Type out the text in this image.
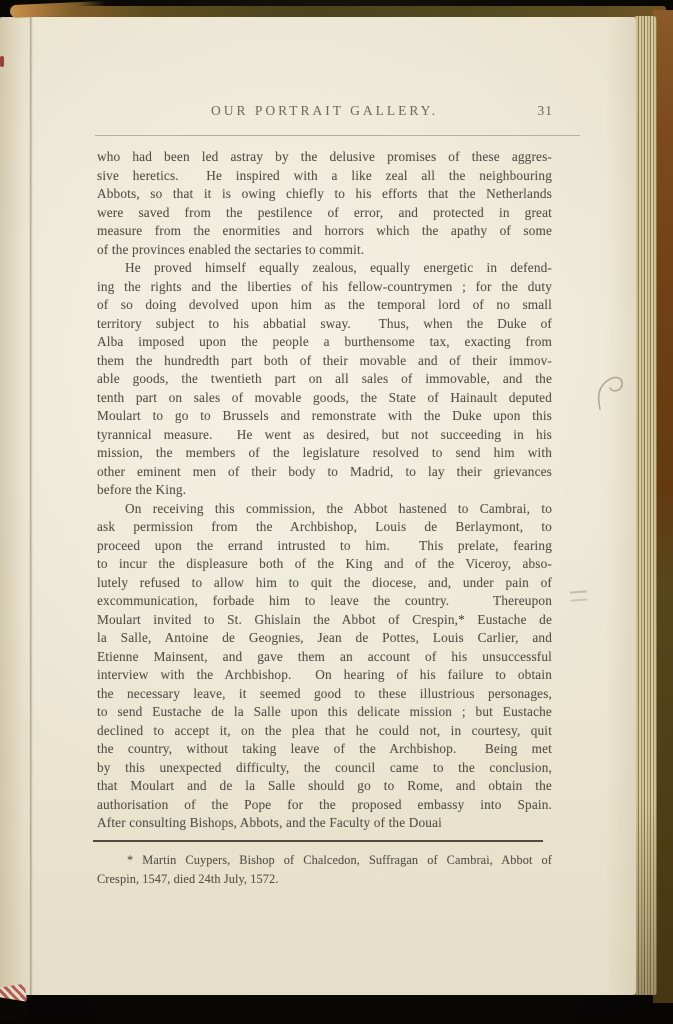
OUR PORTRAIT GALLERY.	31
who had been led astray by the delusive promises of these aggres-
sive heretics.  He inspired with a like zeal all the neighbouring
Abbots, so that it is owing chiefly to his efforts that the Netherlands
were saved from the pestilence of error, and protected in great
measure from the enormities and horrors which the apathy of some
of the provinces enabled the sectaries to commit.
He proved himself equally zealous, equally energetic in defend-
ing the rights and the liberties of his fellow-countrymen ; for the duty
of so doing devolved upon him as the temporal lord of no small
territory subject to his abbatial sway.  Thus, when the Duke of
Alba imposed upon the people a burthensome tax, exacting from
them the hundredth part both of their movable and of their immov-
able goods, the twentieth part on all sales of immovable, and the
tenth part on sales of movable goods, the State of Hainault deputed
Moulart to go to Brussels and remonstrate with the Duke upon this
tyrannical measure.  He went as desired, but not succeeding in his
mission, the members of the legislature resolved to send him with
other eminent men of their body to Madrid, to lay their grievances
before the King.
On receiving this commission, the Abbot hastened to Cambrai, to
ask permission from the Archbishop, Louis de Berlaymont, to
proceed upon the errand intrusted to him.  This prelate, fearing
to incur the displeasure both of the King and of the Viceroy, abso-
lutely refused to allow him to quit the diocese, and, under pain of
excommunication, forbade him to leave the country.   Thereupon
Moulart invited to St. Ghislain the Abbot of Crespin,* Eustache de
la Salle, Antoine de Geognies, Jean de Pottes, Louis Carlier, and
Etienne Mainsent, and gave them an account of his unsuccessful
interview with the Archbishop.  On hearing of his failure to obtain
the necessary leave, it seemed good to these illustrious personages,
to send Eustache de la Salle upon this delicate mission ; but Eustache
declined to accept it, on the plea that he could not, in courtesy, quit
the country, without taking leave of the Archbishop.  Being met
by this unexpected difficulty, the council came to the conclusion,
that Moulart and de la Salle should go to Rome, and obtain the
authorisation of the Pope for the proposed embassy into Spain.
After consulting Bishops, Abbots, and the Faculty of the Douai
* Martin Cuypers, Bishop of Chalcedon, Suffragan of Cambrai, Abbot of
Crespin, 1547, died 24th July, 1572.
